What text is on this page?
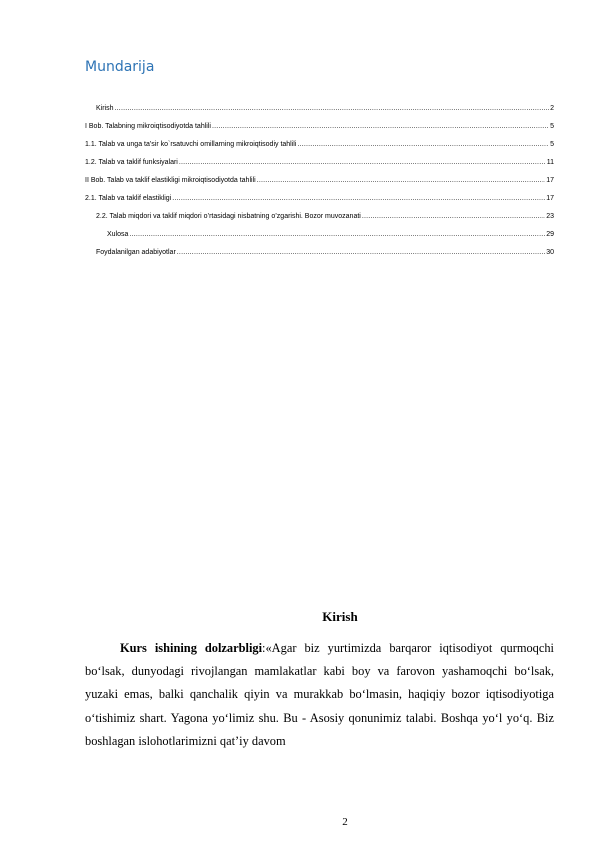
Mundarija
Kirish .....	2
I Bob. Talabning mikroiqtisodiyotda tahlili .....	5
1.1. Talab va unga ta’sir ko`rsatuvchi omillarning mikroiqtisodiy tahlili .....	5
1.2. Talab va taklif funksiyalari .....	11
II Bob. Talab va taklif elastikligi mikroiqtisodiyotda tahlili .....	17
2.1. Talab va taklif elastikligi .....	17
2.2. Talab miqdori va taklif miqdori o’rtasidagi nisbatning o’zgarishi. Bozor muvozanati .....	23
Xulosa .....	29
Foydalanilgan adabiyotlar .....	30
Kirish

Kurs ishining dolzarbligi:«Agar biz yurtimizda barqaror iqtisodiyot qurmoqchi bo‘lsak, dunyodagi rivojlangan mamlakatlar kabi boy va farovon yashamoqchi bo‘lsak, yuzaki emas, balki qanchalik qiyin va murakkab bo‘lmasin, haqiqiy bozor iqtisodiyotiga o‘tishimiz shart. Yagona yo‘limiz shu. Bu - Asosiy qonunimiz talabi. Boshqa yo‘l yo‘q. Biz boshlagan islohotlarimizni qat’iy davom

2
